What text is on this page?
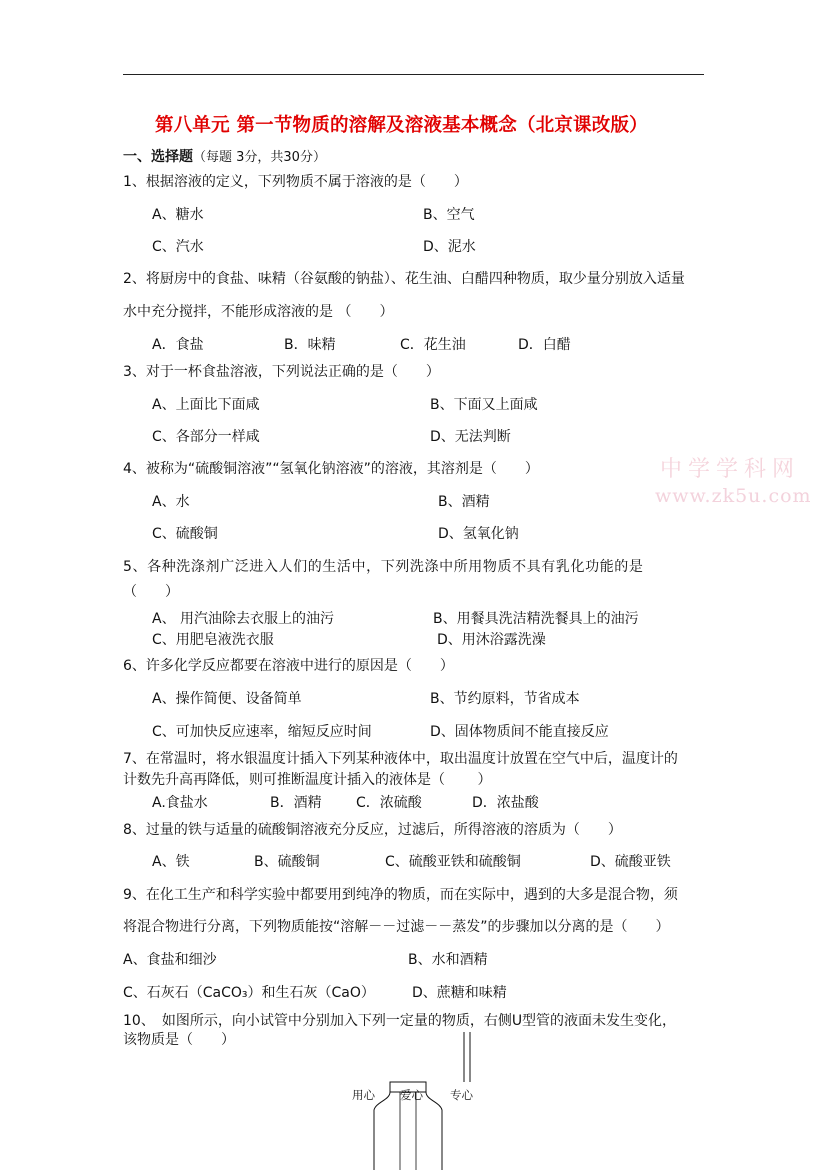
第八单元 第一节物质的溶解及溶液基本概念（北京课改版）
一、选择题（每题 3分，共30分）
1、根据溶液的定义，下列物质不属于溶液的是（　　）
A、糖水	B、空气
C、汽水	D、泥水
2、将厨房中的食盐、味精（谷氨酸的钠盐）、花生油、白醋四种物质，取少量分别放入适量
水中充分搅拌，不能形成溶液的是 （　　）
A．食盐	B．味精	C．花生油	D．白醋
3、对于一杯食盐溶液，下列说法正确的是（　　）
A、上面比下面咸	B、下面又上面咸
C、各部分一样咸	D、无法判断
4、被称为“硫酸铜溶液”“氢氧化钠溶液”的溶液，其溶剂是（　　）
A、水	B、酒精
C、硫酸铜	D、氢氧化钠
中学学科网
www.zk5u.com
5、各种洗涤剂广泛进入人们的生活中，下列洗涤中所用物质不具有乳化功能的是
（　　）
A、 用汽油除去衣服上的油污	B、用餐具洗洁精洗餐具上的油污
C、用肥皂液洗衣服	D、用沐浴露洗澡
6、许多化学反应都要在溶液中进行的原因是（　　）
A、操作简便、设备简单	B、节约原料，节省成本
C、可加快反应速率，缩短反应时间	D、固体物质间不能直接反应
7、在常温时，将水银温度计插入下列某种液体中，取出温度计放置在空气中后，温度计的
计数先升高再降低，则可推断温度计插入的液体是（　　 ）
A.食盐水	B．酒精 C．浓硫酸	D．浓盐酸
8、过量的铁与适量的硫酸铜溶液充分反应，过滤后，所得溶液的溶质为（　　）
A、铁	B、硫酸铜	C、硫酸亚铁和硫酸铜	D、硫酸亚铁
9、在化工生产和科学实验中都要用到纯净的物质，而在实际中，遇到的大多是混合物，须
将混合物进行分离，下列物质能按“溶解－－过滤－－蒸发”的步骤加以分离的是（　　）
A、食盐和细沙	B、水和酒精
C、石灰石（CaCO₃）和生石灰（CaO）	D、蔗糖和味精
10、　如图所示，向小试管中分别加入下列一定量的物质，右侧U型管的液面未发生变化，
该物质是（　　）
用心 爱心 专心
